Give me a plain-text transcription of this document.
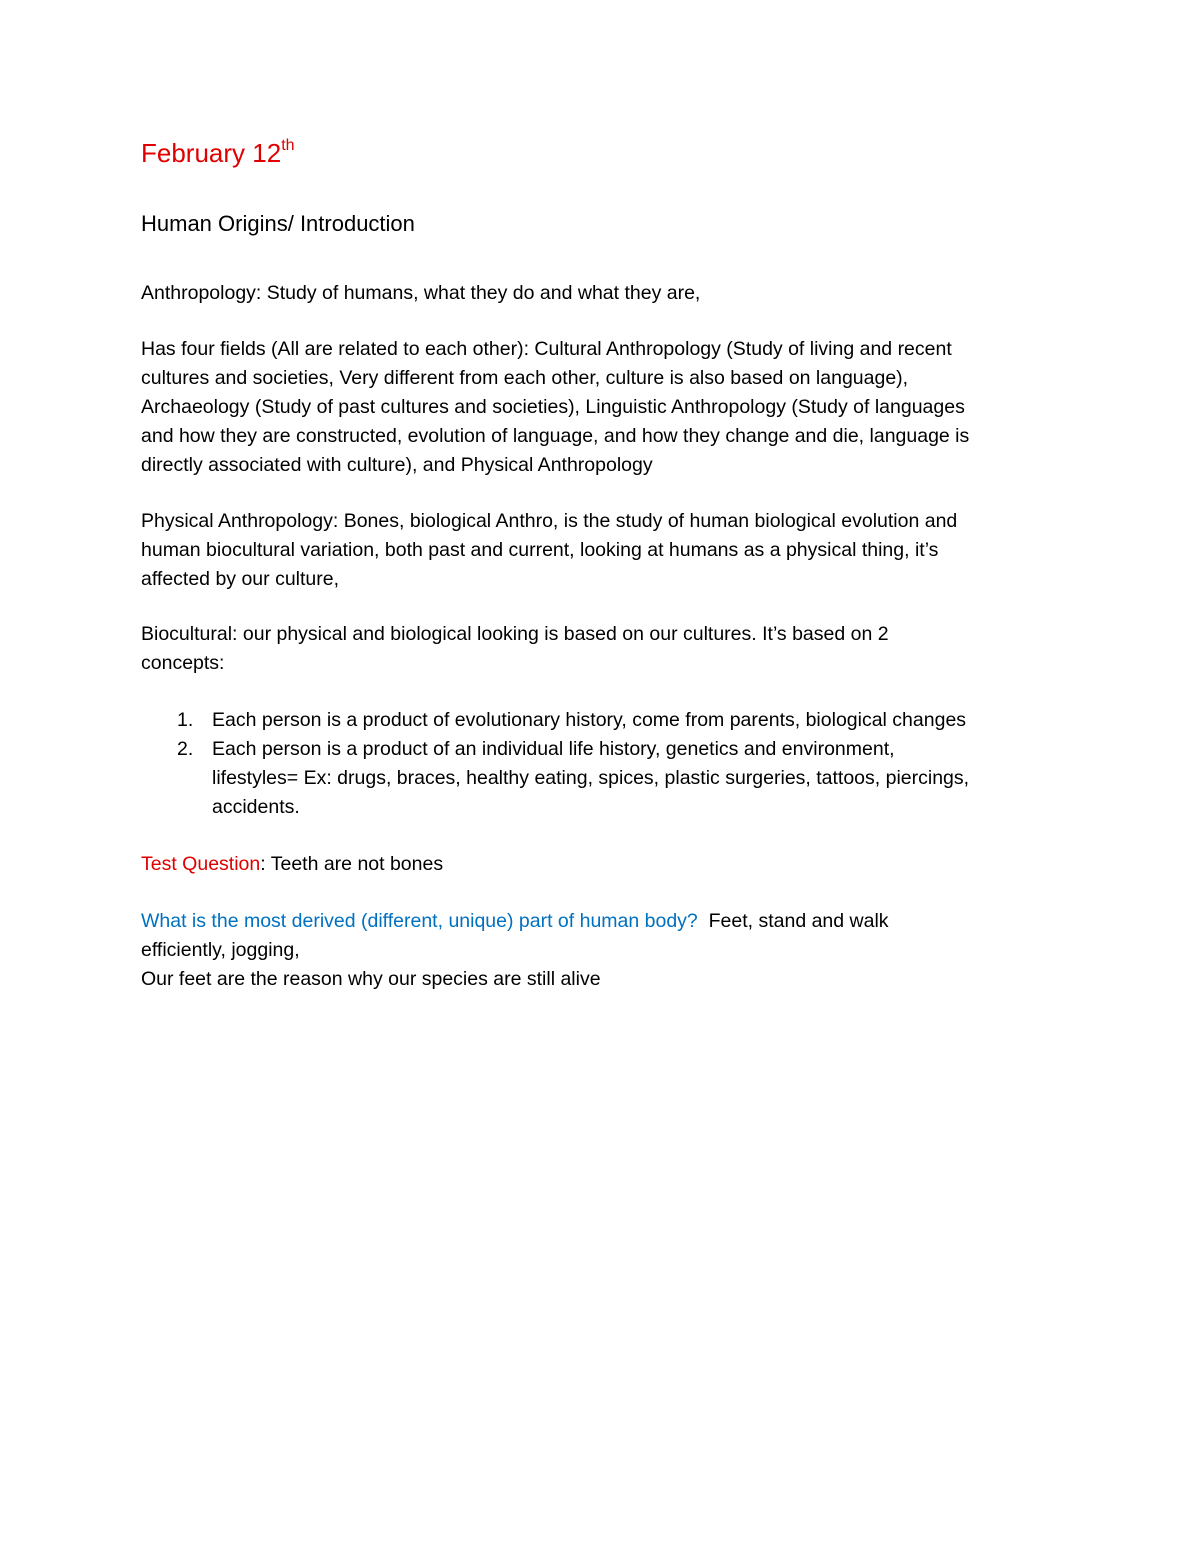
February 12th
Human Origins/ Introduction
Anthropology: Study of humans, what they do and what they are,
Has four fields (All are related to each other): Cultural Anthropology (Study of living and recent
cultures and societies, Very different from each other, culture is also based on language),
Archaeology (Study of past cultures and societies), Linguistic Anthropology (Study of languages
and how they are constructed, evolution of language, and how they change and die, language is
directly associated with culture), and Physical Anthropology
Physical Anthropology: Bones, biological Anthro, is the study of human biological evolution and
human biocultural variation, both past and current, looking at humans as a physical thing, it’s
affected by our culture,
Biocultural: our physical and biological looking is based on our cultures. It’s based on 2
concepts:
1. Each person is a product of evolutionary history, come from parents, biological changes
2. Each person is a product of an individual life history, genetics and environment,
lifestyles= Ex: drugs, braces, healthy eating, spices, plastic surgeries, tattoos, piercings,
accidents.
Test Question: Teeth are not bones
What is the most derived (different, unique) part of human body?  Feet, stand and walk
efficiently, jogging,
Our feet are the reason why our species are still alive
